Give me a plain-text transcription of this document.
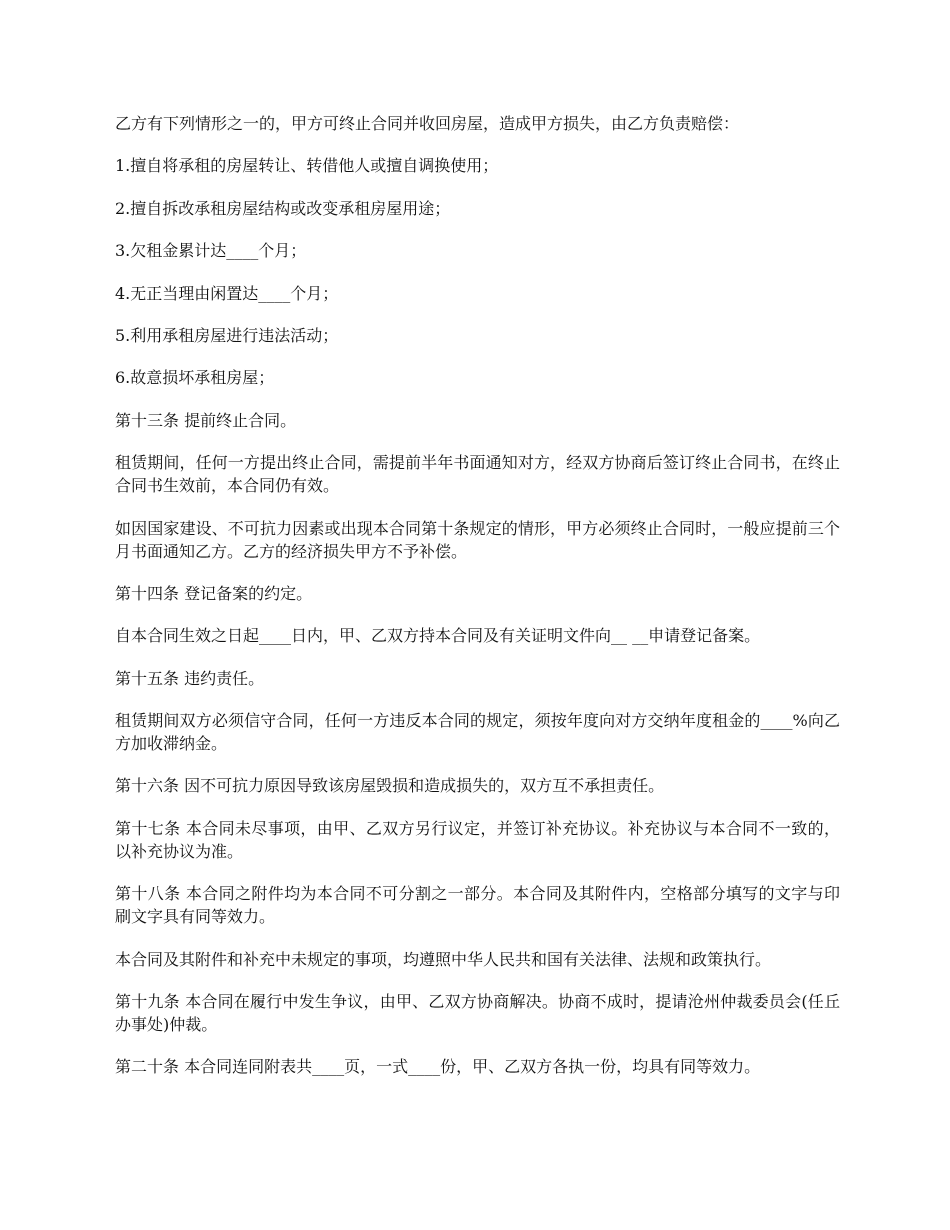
乙方有下列情形之一的，甲方可终止合同并收回房屋，造成甲方损失，由乙方负责赔偿：

1.擅自将承租的房屋转让、转借他人或擅自调换使用；

2.擅自拆改承租房屋结构或改变承租房屋用途；

3.欠租金累计达____个月；

4.无正当理由闲置达____个月；

5.利用承租房屋进行违法活动；

6.故意损坏承租房屋；

第十三条 提前终止合同。

租赁期间，任何一方提出终止合同，需提前半年书面通知对方，经双方协商后签订终止合同书，在终止合同书生效前，本合同仍有效。

如因国家建设、不可抗力因素或出现本合同第十条规定的情形，甲方必须终止合同时，一般应提前三个月书面通知乙方。乙方的经济损失甲方不予补偿。

第十四条 登记备案的约定。

自本合同生效之日起____日内，甲、乙双方持本合同及有关证明文件向__ __申请登记备案。

第十五条 违约责任。

租赁期间双方必须信守合同，任何一方违反本合同的规定，须按年度向对方交纳年度租金的____%向乙方加收滞纳金。

第十六条 因不可抗力原因导致该房屋毁损和造成损失的，双方互不承担责任。

第十七条 本合同未尽事项，由甲、乙双方另行议定，并签订补充协议。补充协议与本合同不一致的，以补充协议为准。

第十八条 本合同之附件均为本合同不可分割之一部分。本合同及其附件内，空格部分填写的文字与印刷文字具有同等效力。

本合同及其附件和补充中未规定的事项，均遵照中华人民共和国有关法律、法规和政策执行。

第十九条 本合同在履行中发生争议，由甲、乙双方协商解决。协商不成时，提请沧州仲裁委员会(任丘办事处)仲裁。

第二十条 本合同连同附表共____页，一式____份，甲、乙双方各执一份，均具有同等效力。
